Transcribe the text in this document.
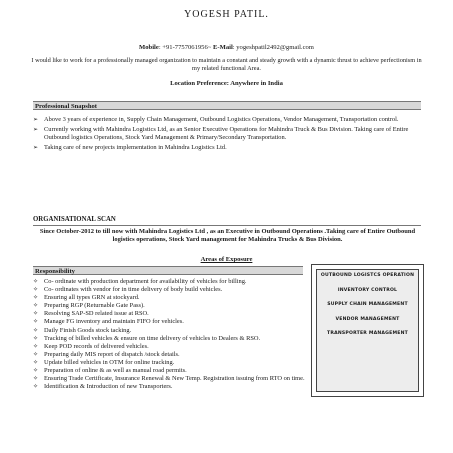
YOGESH PATIL.
Mobile: +91-7757061956~ E-Mail: yogeshpatil2492@gmail.com
I would like to work for a professionally managed organization to maintain a constant and steady growth with a dynamic thrust to achieve perfectionism in my related functional Area.
Location Preference: Anywhere in India
Professional Snapshot
➢ Above 3 years of experience in, Supply Chain Management, Outbound Logistics Operations, Vendor Management, Transportation control.
➢ Currently working with Mahindra Logistics Ltd, as an Senior Executive Operations for Mahindra Truck & Bus Division. Taking care of Entire Outbound logistics Operations, Stock Yard Management & Primary/Secondary Transportation.
➢ Taking care of new projects implementation in Mahindra Logistics Ltd.
ORGANISATIONAL SCAN
Since October-2012 to till now with Mahindra Logistics Ltd , as an Executive in Outbound Operations .Taking care of Entire Outbound logistics operations, Stock Yard management for Mahindra Trucks & Bus Division.
Responsibility
Areas of Exposure
✧ Co- ordinate with production department for availability of vehicles for billing.
✧ Co- ordinates with vendor for in time delivery of body build vehicles.
✧ Ensuring all types GRN at stockyard.
✧ Preparing RGP (Returnable Gate Pass).
✧ Resolving SAP-SD related issue at RSO.
✧ Manage FG inventory and maintain FIFO for vehicles.
✧ Daily Finish Goods stock tacking.
✧ Tracking of billed vehicles & ensure on time delivery of vehicles to Dealers & RSO.
✧ Keep POD records of delivered vehicles.
✧ Preparing daily MIS report of dispatch /stock details.
✧ Update billed vehicles in OTM for online tracking.
✧ Preparation of online & as well as manual road permits.
✧ Ensuring Trade Certificate, Insurance Renewal & New Temp. Registration issuing from RTO on time.
✧ Identification & Introduction of new Transporters.
OUTBOUND LOGISTCS OPERATION
INVENTORY CONTROL
SUPPLY CHAIN MANAGEMENT
VENDOR MANAGEMENT
TRANSPORTER MANAGEMENT
